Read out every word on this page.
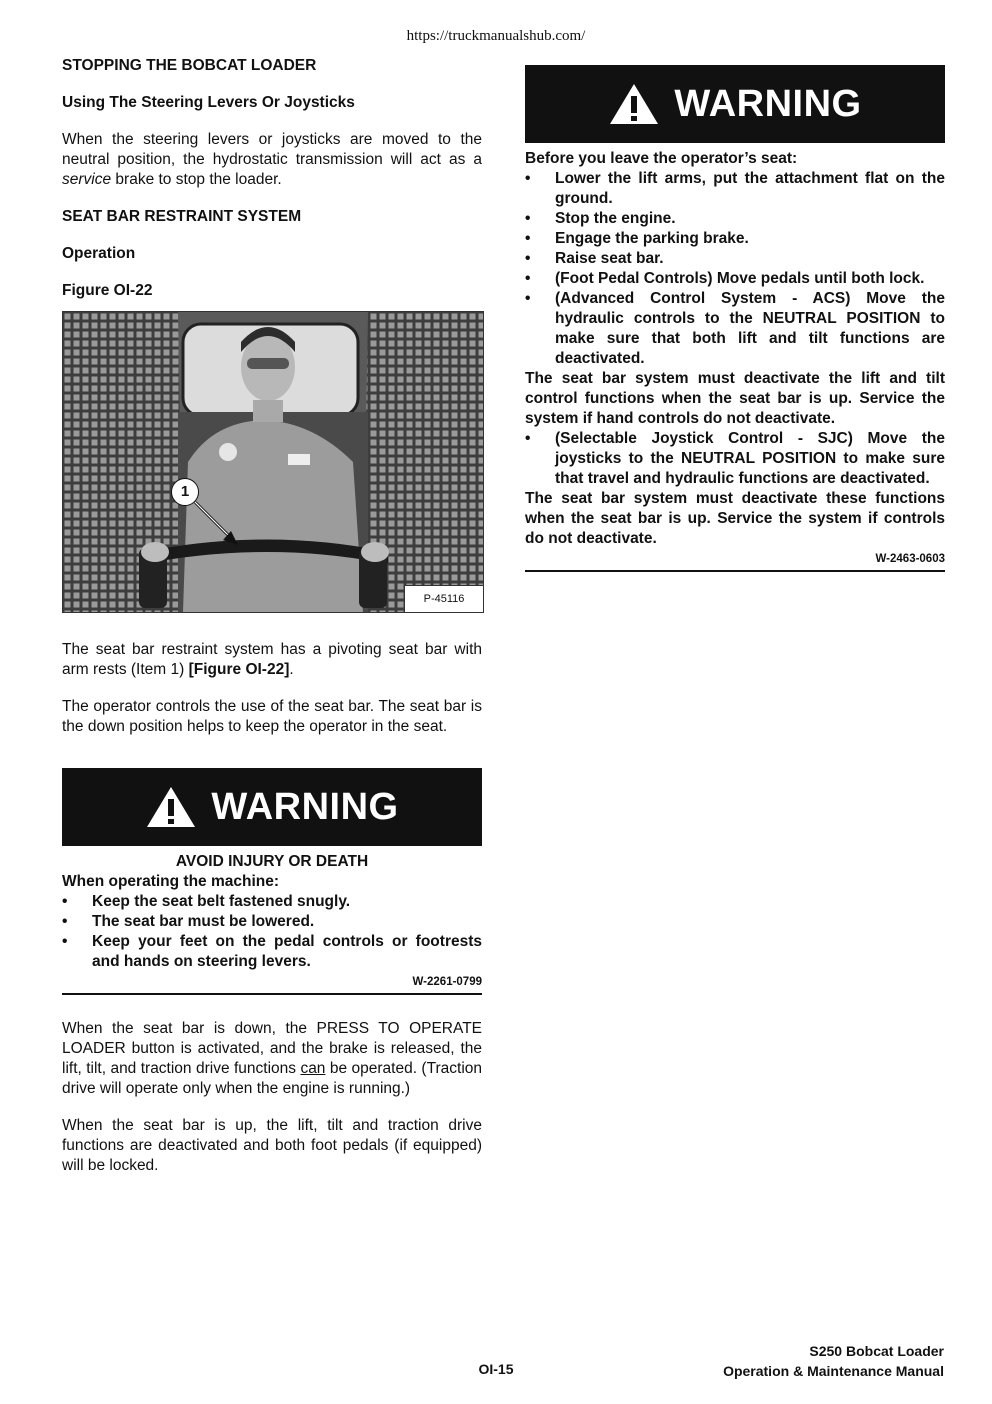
https://truckmanualshub.com/

STOPPING THE BOBCAT LOADER

Using The Steering Levers Or Joysticks

When the steering levers or joysticks are moved to the neutral position, the hydrostatic transmission will act as a service brake to stop the loader.

SEAT BAR RESTRAINT SYSTEM

Operation

Figure OI-22

1
P-45116

The seat bar restraint system has a pivoting seat bar with arm rests (Item 1) [Figure OI-22].

The operator controls the use of the seat bar. The seat bar is the down position helps to keep the operator in the seat.

WARNING
AVOID INJURY OR DEATH
When operating the machine:
• Keep the seat belt fastened snugly.
• The seat bar must be lowered.
• Keep your feet on the pedal controls or footrests and hands on steering levers.
W-2261-0799

When the seat bar is down, the PRESS TO OPERATE LOADER button is activated, and the brake is released, the lift, tilt, and traction drive functions can be operated. (Traction drive will operate only when the engine is running.)

When the seat bar is up, the lift, tilt and traction drive functions are deactivated and both foot pedals (if equipped) will be locked.

WARNING
Before you leave the operator’s seat:
• Lower the lift arms, put the attachment flat on the ground.
• Stop the engine.
• Engage the parking brake.
• Raise seat bar.
• (Foot Pedal Controls) Move pedals until both lock.
• (Advanced Control System - ACS) Move the hydraulic controls to the NEUTRAL POSITION to make sure that both lift and tilt functions are deactivated.
The seat bar system must deactivate the lift and tilt control functions when the seat bar is up. Service the system if hand controls do not deactivate.
• (Selectable Joystick Control - SJC) Move the joysticks to the NEUTRAL POSITION to make sure that travel and hydraulic functions are deactivated.
The seat bar system must deactivate these functions when the seat bar is up. Service the system if controls do not deactivate.
W-2463-0603
OI-15
S250 Bobcat Loader
Operation & Maintenance Manual
